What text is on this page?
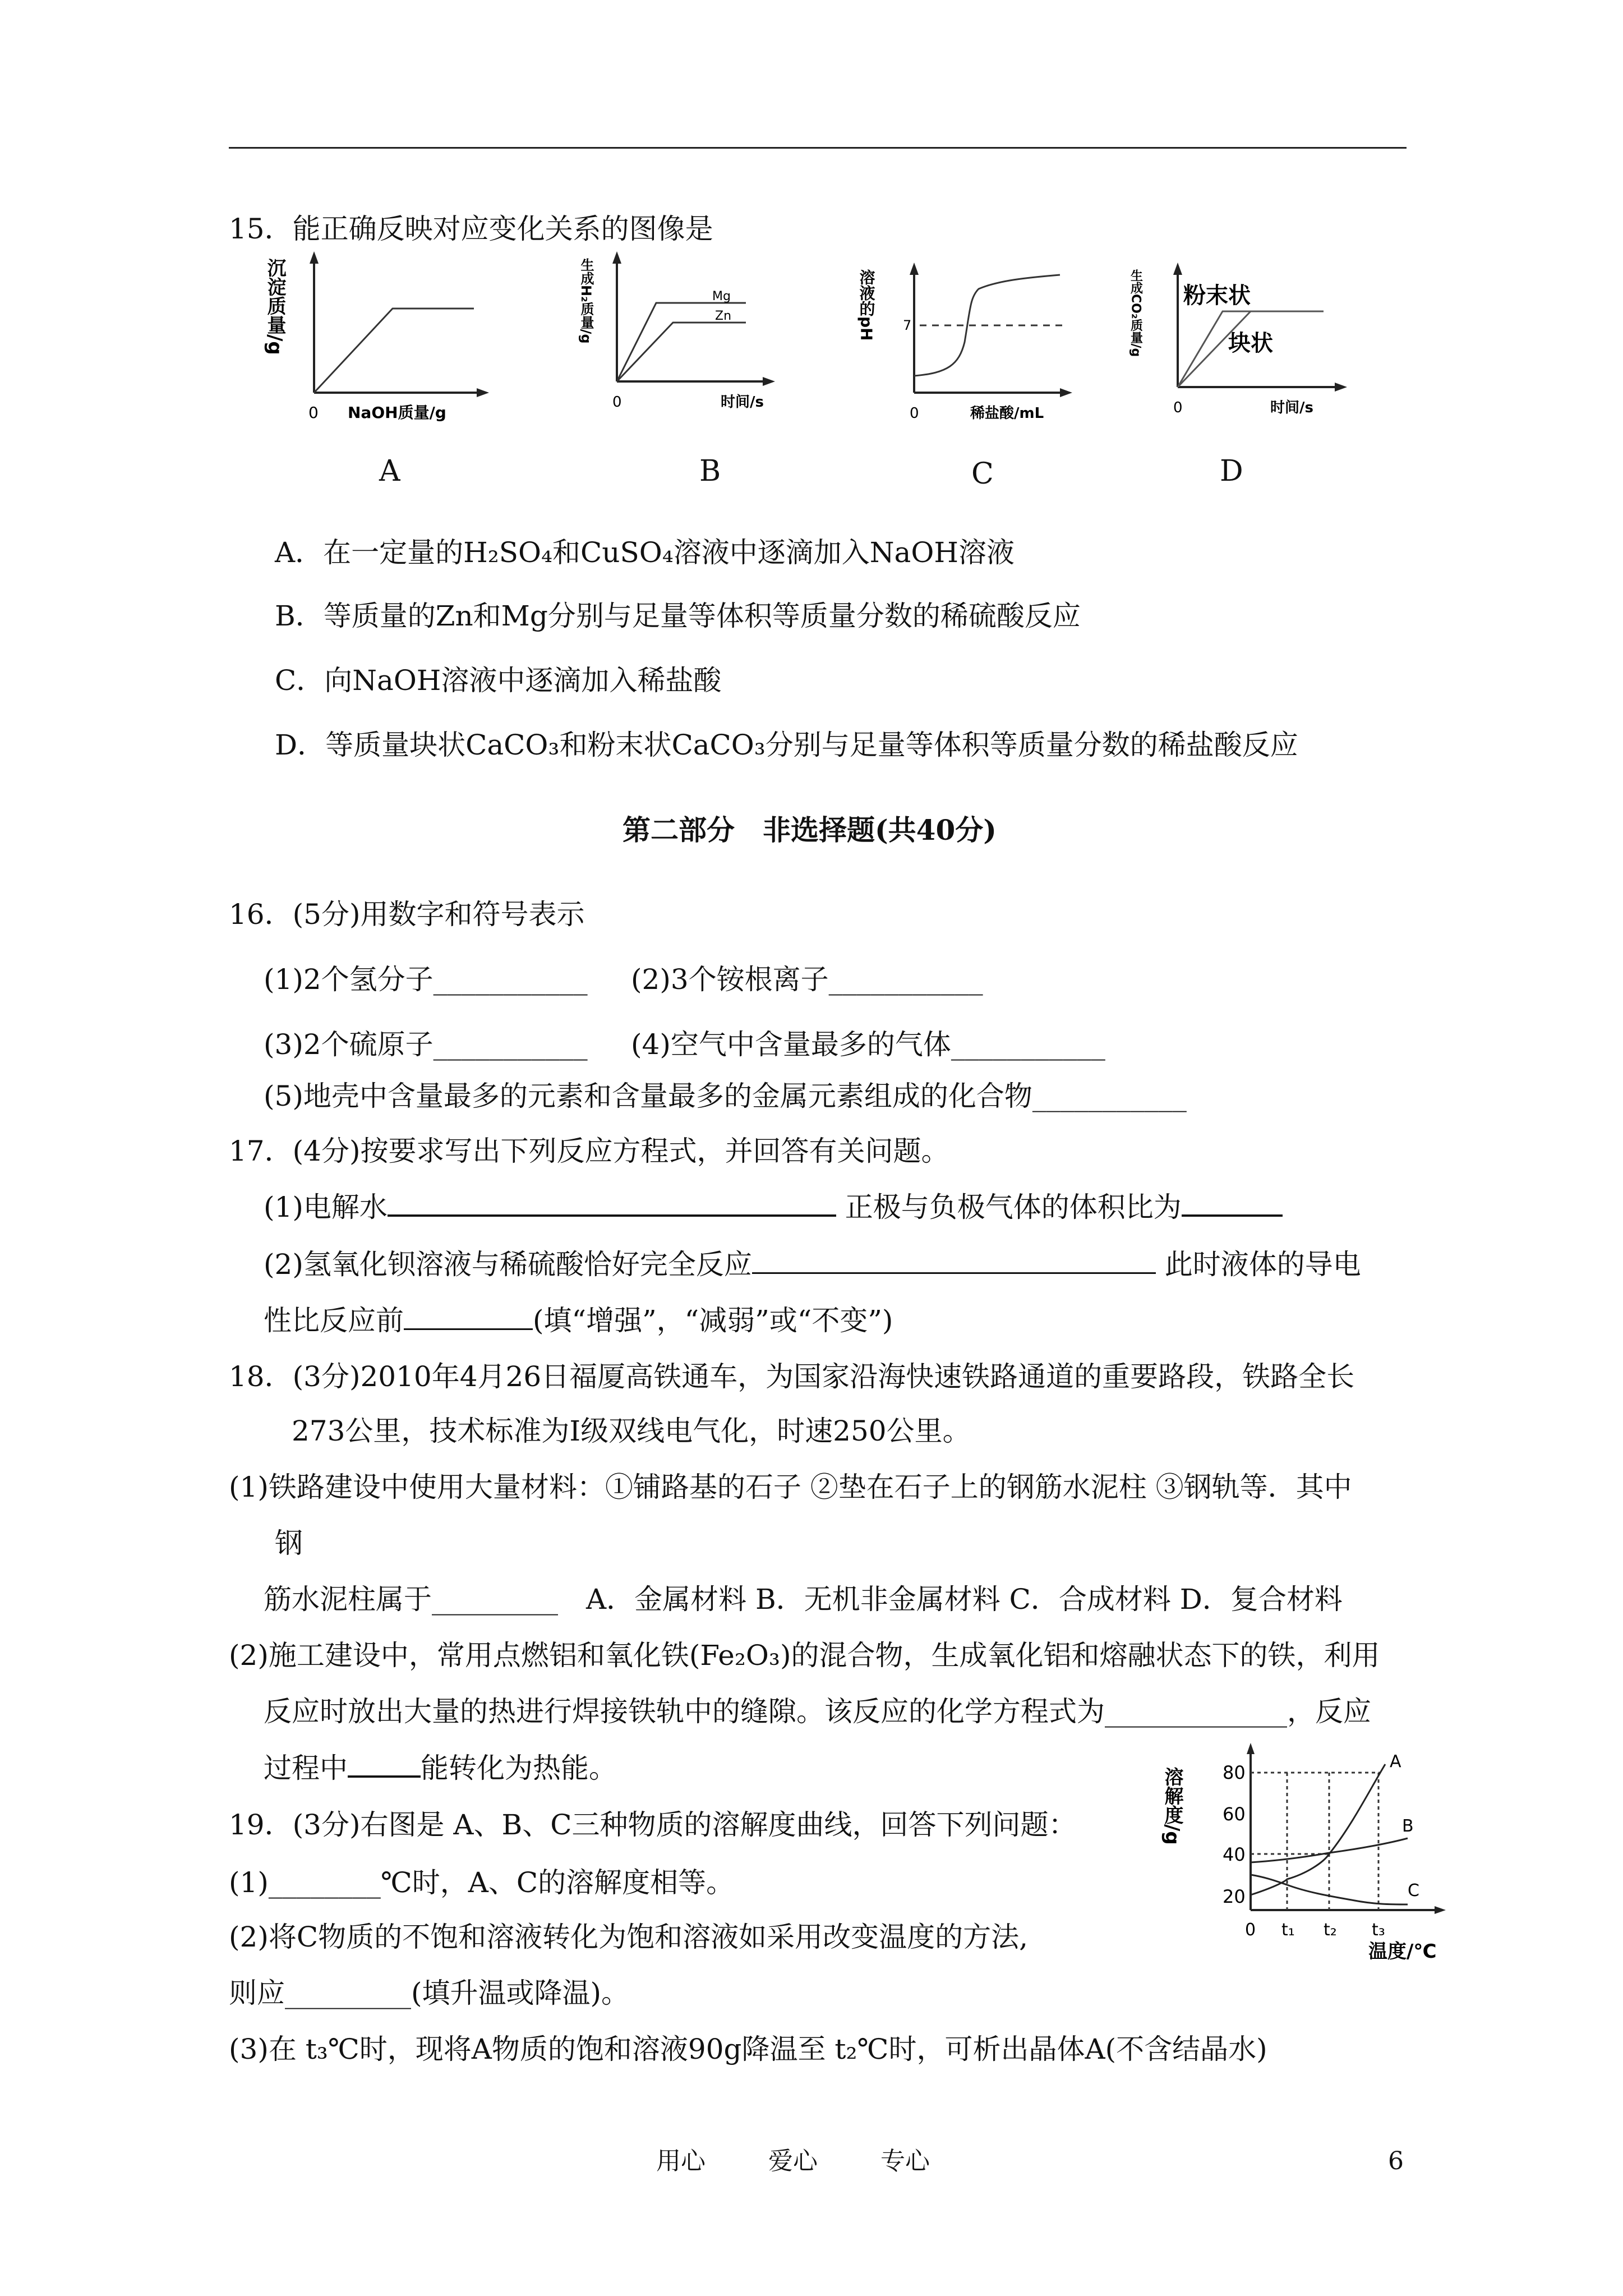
15．能正确反映对应变化关系的图像是
沉淀质量/g
0 NaOH质量/g
生成H₂质量/g	Mg
Zn
0	时间/s
溶液的pH 7
0	稀盐酸/mL
生成CO₂质量/g 粉末状
块状
0	时间/s
A	B	C	D
A．在一定量的H₂SO₄和CuSO₄溶液中逐滴加入NaOH溶液
B．等质量的Zn和Mg分别与足量等体积等质量分数的稀硫酸反应
C．向NaOH溶液中逐滴加入稀盐酸
D．等质量块状CaCO₃和粉末状CaCO₃分别与足量等体积等质量分数的稀盐酸反应
第二部分　非选择题(共40分)
16．(5分)用数字和符号表示
(1)2个氢分子___________ (2)3个铵根离子___________
(3)2个硫原子___________ (4)空气中含量最多的气体___________
(5)地壳中含量最多的元素和含量最多的金属元素组成的化合物___________
17．(4分)按要求写出下列反应方程式，并回答有关问题。
(1)电解水	正极与负极气体的体积比为
(2)氢氧化钡溶液与稀硫酸恰好完全反应	此时液体的导电
性比反应前	(填“增强”，“减弱”或“不变”)
18．(3分)2010年4月26日福厦高铁通车，为国家沿海快速铁路通道的重要路段，铁路全长
273公里，技术标准为Ⅰ级双线电气化，时速250公里。
(1)铁路建设中使用大量材料：①铺路基的石子 ②垫在石子上的钢筋水泥柱 ③钢轨等．其中
钢
筋水泥柱属于_________　A．金属材料 B．无机非金属材料 C．合成材料 D．复合材料
(2)施工建设中，常用点燃铝和氧化铁(Fe₂O₃)的混合物，生成氧化铝和熔融状态下的铁，利用
反应时放出大量的热进行焊接铁轨中的缝隙。该反应的化学方程式为_____________，反应
过程中	能转化为热能。
19．(3分)右图是 A、B、C三种物质的溶解度曲线，回答下列问题：
(1)________℃时，A、C的溶解度相等。
(2)将C物质的不饱和溶液转化为饱和溶液如采用改变温度的方法,
则应_________(填升温或降温)。
(3)在 t₃℃时，现将A物质的饱和溶液90g降温至 t₂℃时，可析出晶体A(不含结晶水)
溶解度/g 80
60
40
20
0 t₁ t₂ t₃
温度/℃
A
B
C
用心	爱心	专心	6
